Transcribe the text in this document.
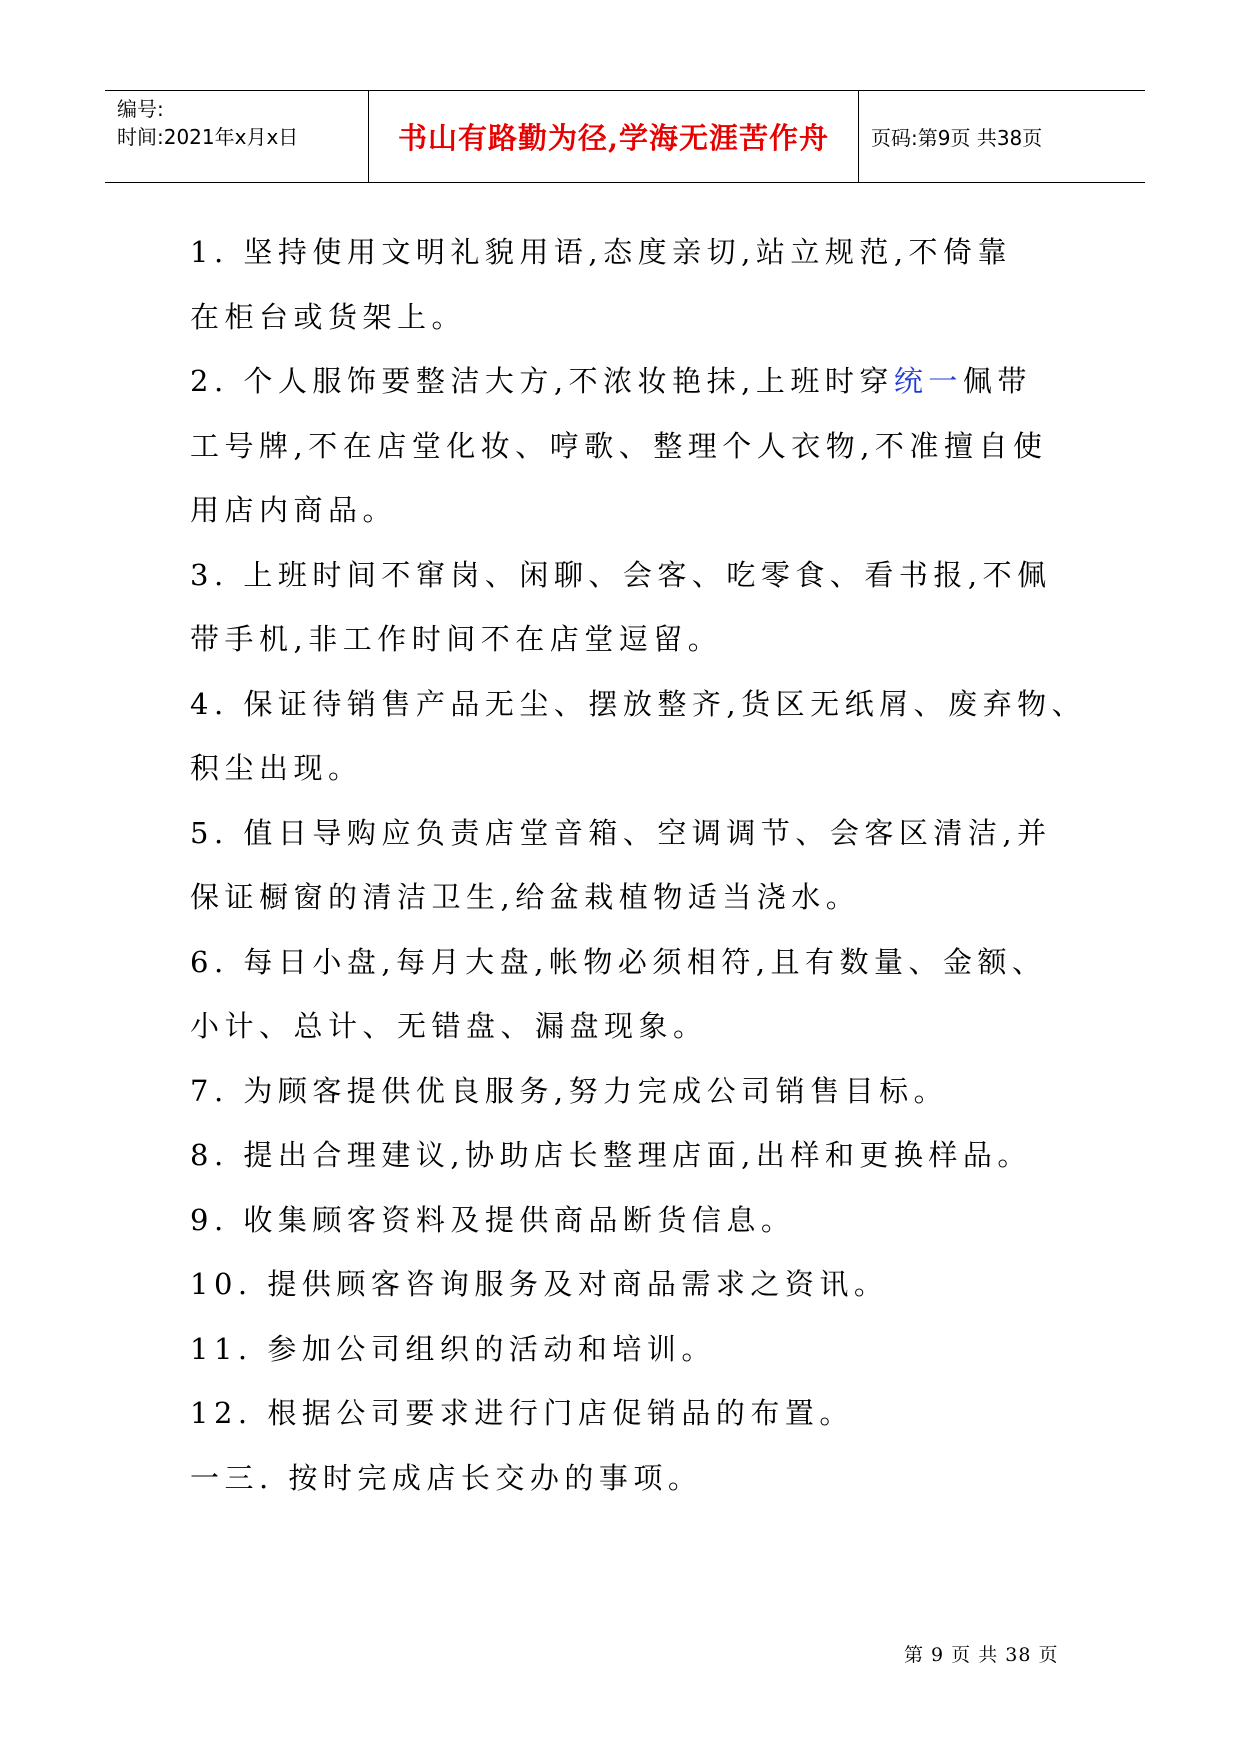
编号:
时间:2021年x月x日	书山有路勤为径,学海无涯苦作舟	页码:第9页 共38页

1. 坚持使用文明礼貌用语,态度亲切,站立规范,不倚靠

在柜台或货架上。

2. 个人服饰要整洁大方,不浓妆艳抹,上班时穿统一佩带

工号牌,不在店堂化妆、哼歌、整理个人衣物,不准擅自使

用店内商品。

3. 上班时间不窜岗、闲聊、会客、吃零食、看书报,不佩

带手机,非工作时间不在店堂逗留。

4. 保证待销售产品无尘、摆放整齐,货区无纸屑、废弃物、

积尘出现。

5. 值日导购应负责店堂音箱、空调调节、会客区清洁,并

保证橱窗的清洁卫生,给盆栽植物适当浇水。

6. 每日小盘,每月大盘,帐物必须相符,且有数量、金额、

小计、总计、无错盘、漏盘现象。

7. 为顾客提供优良服务,努力完成公司销售目标。

8. 提出合理建议,协助店长整理店面,出样和更换样品。

9. 收集顾客资料及提供商品断货信息。

10. 提供顾客咨询服务及对商品需求之资讯。

11. 参加公司组织的活动和培训。

12. 根据公司要求进行门店促销品的布置。

一三. 按时完成店长交办的事项。

第 9 页 共 38 页
